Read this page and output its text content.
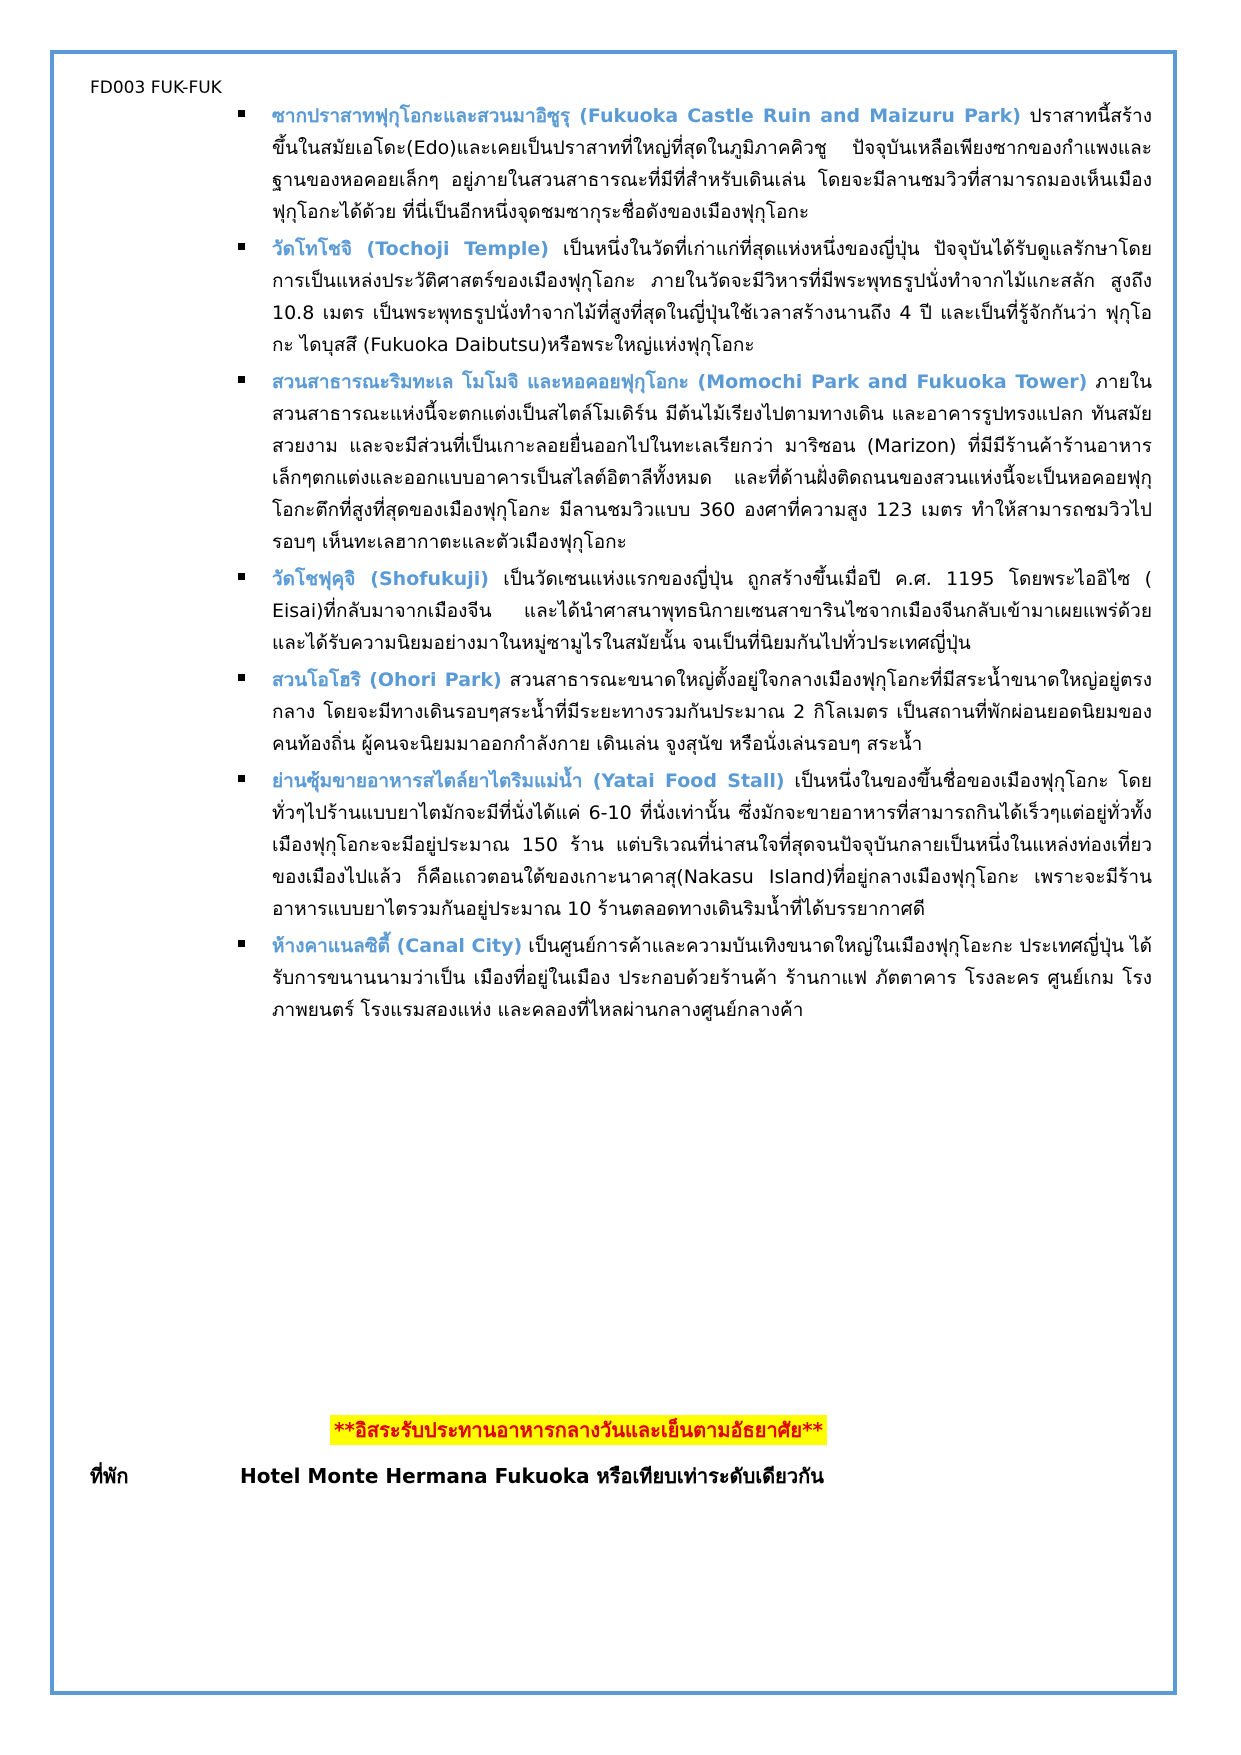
FD003 FUK-FUK

ซากปราสาทฟุกุโอกะและสวนมาอิซูรุ (Fukuoka Castle Ruin and Maizuru Park) ปราสาทนี้สร้างขึ้นในสมัยเอโดะ(Edo)และเคยเป็นปราสาทที่ใหญ่ที่สุดในภูมิภาคคิวชู ปัจจุบันเหลือเพียงซากของกำแพงและฐานของหอคอยเล็กๆ อยู่ภายในสวนสาธารณะที่มีที่สำหรับเดินเล่น โดยจะมีลานชมวิวที่สามารถมองเห็นเมืองฟุกุโอกะได้ด้วย ที่นี่เป็นอีกหนึ่งจุดชมซากุระชื่อดังของเมืองฟุกุโอกะ

วัดโทโชจิ (Tochoji Temple) เป็นหนึ่งในวัดที่เก่าแก่ที่สุดแห่งหนึ่งของญี่ปุ่น ปัจจุบันได้รับดูแลรักษาโดยการเป็นแหล่งประวัติศาสตร์ของเมืองฟุกุโอกะ ภายในวัดจะมีวิหารที่มีพระพุทธรูปนั่งทำจากไม้แกะสลัก สูงถึง 10.8 เมตร เป็นพระพุทธรูปนั่งทำจากไม้ที่สูงที่สุดในญี่ปุ่นใช้เวลาสร้างนานถึง 4 ปี และเป็นที่รู้จักกันว่า ฟุกุโอกะ ไดบุสสึ (Fukuoka Daibutsu)หรือพระใหญ่แห่งฟุกุโอกะ

สวนสาธารณะริมทะเล โมโมจิ และหอคอยฟุกุโอกะ (Momochi Park and Fukuoka Tower) ภายในสวนสาธารณะแห่งนี้จะตกแต่งเป็นสไตล์โมเดิร์น มีต้นไม้เรียงไปตามทางเดิน และอาคารรูปทรงแปลก ทันสมัยสวยงาม และจะมีส่วนที่เป็นเกาะลอยยื่นออกไปในทะเลเรียกว่า มาริซอน (Marizon) ที่มีมีร้านค้าร้านอาหารเล็กๆตกแต่งและออกแบบอาคารเป็นสไลต์อิตาลีทั้งหมด และที่ด้านฝั่งติดถนนของสวนแห่งนี้จะเป็นหอคอยฟุกุโอกะตึกที่สูงที่สุดของเมืองฟุกุโอกะ มีลานชมวิวแบบ 360 องศาที่ความสูง 123 เมตร ทำให้สามารถชมวิวไปรอบๆ เห็นทะเลฮากาตะและตัวเมืองฟุกุโอกะ

วัดโชฟุคุจิ (Shofukuji) เป็นวัดเซนแห่งแรกของญี่ปุ่น ถูกสร้างขึ้นเมื่อปี ค.ศ. 1195 โดยพระไออิไซ ( Eisai)ที่กลับมาจากเมืองจีน และได้นำศาสนาพุทธนิกายเซนสาขารินไซจากเมืองจีนกลับเข้ามาเผยแพร่ด้วย และได้รับความนิยมอย่างมาในหมู่ซามูไรในสมัยนั้น จนเป็นที่นิยมกันไปทั่วประเทศญี่ปุ่น

สวนโอโฮริ (Ohori Park) สวนสาธารณะขนาดใหญ่ตั้งอยู่ใจกลางเมืองฟุกุโอกะที่มีสระน้ำขนาดใหญ่อยู่ตรงกลาง โดยจะมีทางเดินรอบๆสระน้ำที่มีระยะทางรวมกันประมาณ 2 กิโลเมตร เป็นสถานที่พักผ่อนยอดนิยมของคนท้องถิ่น ผู้คนจะนิยมมาออกกำลังกาย เดินเล่น จูงสุนัข หรือนั่งเล่นรอบๆ สระน้ำ

ย่านซุ้มขายอาหารสไตล์ยาไตริมแม่น้ำ (Yatai Food Stall) เป็นหนึ่งในของขึ้นชื่อของเมืองฟุกุโอกะ โดยทั่วๆไปร้านแบบยาไตมักจะมีที่นั่งได้แค่ 6-10 ที่นั่งเท่านั้น ซึ่งมักจะขายอาหารที่สามารถกินได้เร็วๆแต่อยู่ทั่วทั้งเมืองฟุกุโอกะจะมีอยู่ประมาณ 150 ร้าน แต่บริเวณที่น่าสนใจที่สุดจนปัจจุบันกลายเป็นหนึ่งในแหล่งท่องเที่ยวของเมืองไปแล้ว ก็คือแถวตอนใต้ของเกาะนาคาสุ(Nakasu Island)ที่อยู่กลางเมืองฟุกุโอกะ เพราะจะมีร้านอาหารแบบยาไตรวมกันอยู่ประมาณ 10 ร้านตลอดทางเดินริมน้ำที่ได้บรรยากาศดี

ห้างคาแนลซิตี้ (Canal City) เป็นศูนย์การค้าและความบันเทิงขนาดใหญ่ในเมืองฟุกุโอะกะ ประเทศญี่ปุ่น ได้รับการขนานนามว่าเป็น เมืองที่อยู่ในเมือง ประกอบด้วยร้านค้า ร้านกาแฟ ภัตตาคาร โรงละคร ศูนย์เกม โรงภาพยนตร์ โรงแรมสองแห่ง และคลองที่ไหลผ่านกลางศูนย์กลางค้า

**อิสระรับประทานอาหารกลางวันและเย็นตามอัธยาศัย**
ที่พัก	Hotel Monte Hermana Fukuoka หรือเทียบเท่าระดับเดียวกัน
